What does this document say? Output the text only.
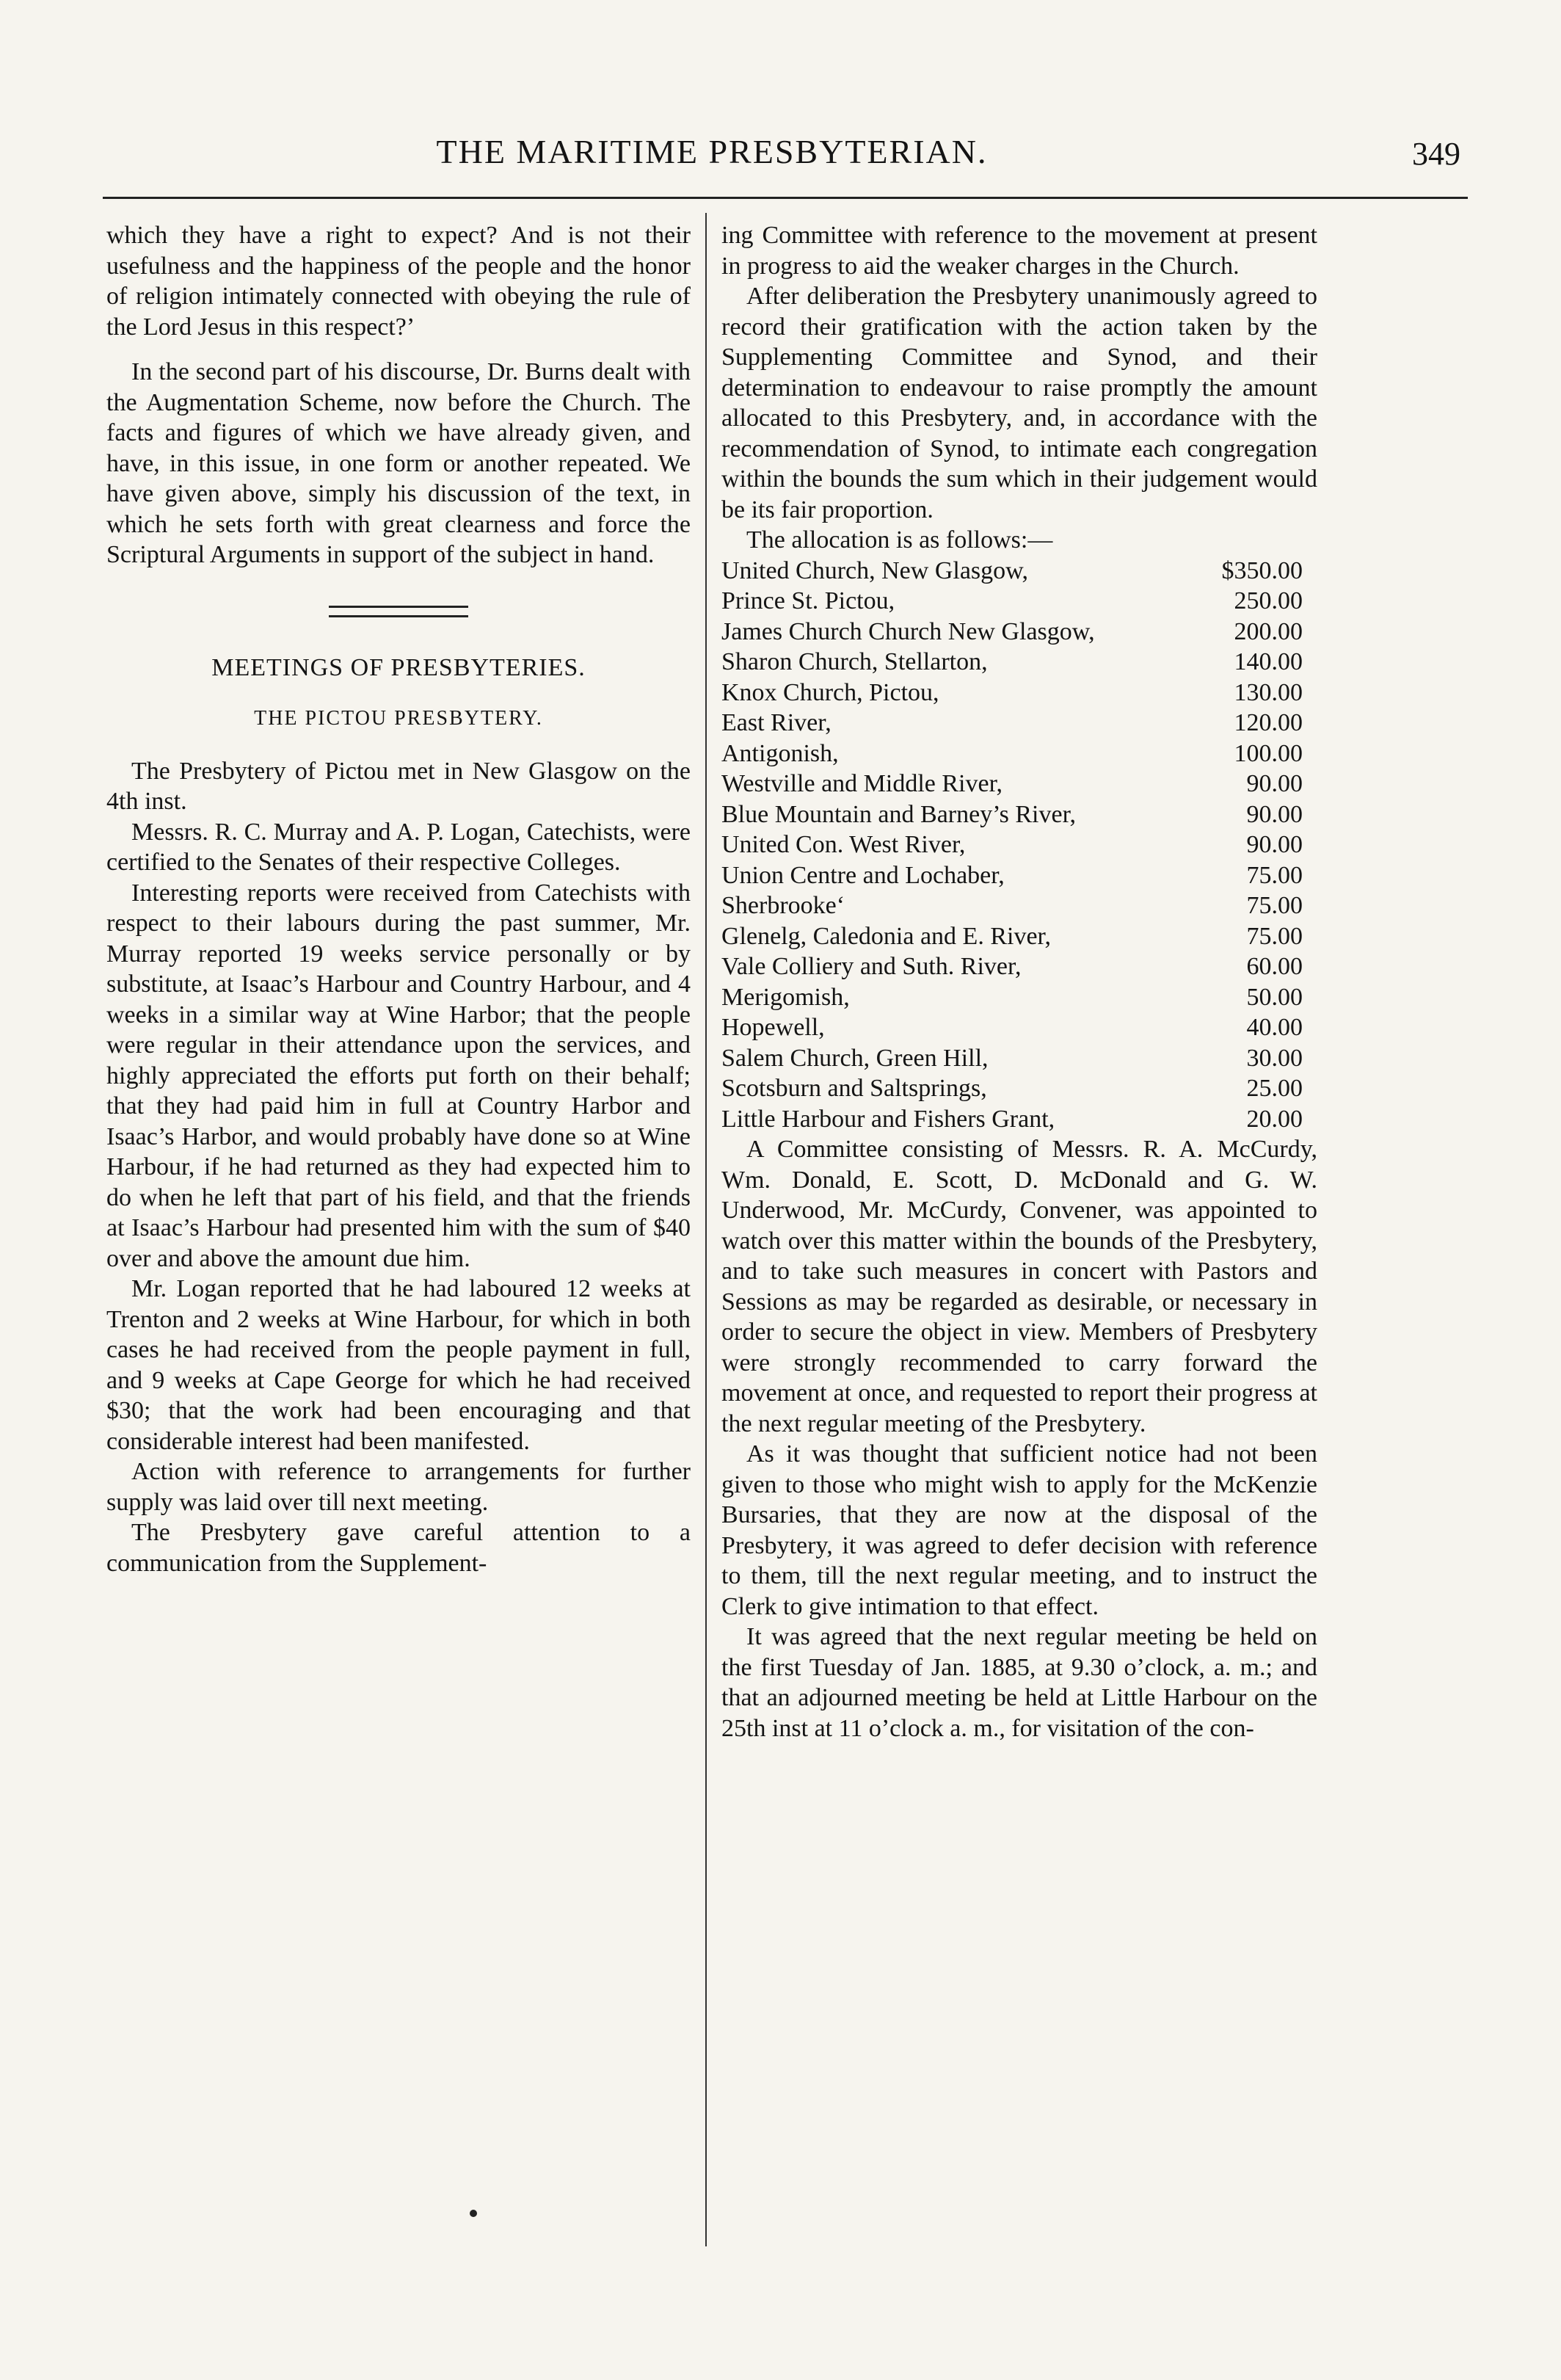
THE MARITIME PRESBYTERIAN.	349

which they have a right to expect? And is not their usefulness and the happiness of the people and the honor of religion intimately connected with obeying the rule of the Lord Jesus in this respect?’

In the second part of his discourse, Dr. Burns dealt with the Augmentation Scheme, now before the Church. The facts and figures of which we have already given, and have, in this issue, in one form or another repeated. We have given above, simply his discussion of the text, in which he sets forth with great clearness and force the Scriptural Arguments in support of the subject in hand.

MEETINGS OF PRESBYTERIES.
THE PICTOU PRESBYTERY.

The Presbytery of Pictou met in New Glasgow on the 4th inst.

Messrs. R. C. Murray and A. P. Logan, Catechists, were certified to the Senates of their respective Colleges.

Interesting reports were received from Catechists with respect to their labours during the past summer, Mr. Murray reported 19 weeks service personally or by substitute, at Isaac’s Harbour and Country Harbour, and 4 weeks in a similar way at Wine Harbor; that the people were regular in their attendance upon the services, and highly appreciated the efforts put forth on their behalf; that they had paid him in full at Country Harbor and Isaac’s Harbor, and would probably have done so at Wine Harbour, if he had returned as they had expected him to do when he left that part of his field, and that the friends at Isaac’s Harbour had presented him with the sum of $40 over and above the amount due him.

Mr. Logan reported that he had laboured 12 weeks at Trenton and 2 weeks at Wine Harbour, for which in both cases he had received from the people payment in full, and 9 weeks at Cape George for which he had received $30; that the work had been encouraging and that considerable interest had been manifested.

Action with reference to arrangements for further supply was laid over till next meeting.

The Presbytery gave careful attention to a communication from the Supplement-

ing Committee with reference to the movement at present in progress to aid the weaker charges in the Church.

After deliberation the Presbytery unanimously agreed to record their gratification with the action taken by the Supplementing Committee and Synod, and their determination to endeavour to raise promptly the amount allocated to this Presbytery, and, in accordance with the recommendation of Synod, to intimate each congregation within the bounds the sum which in their judgement would be its fair proportion.

The allocation is as follows:—

United Church, New Glasgow,	$350.00
Prince St. Pictou,	250.00
James Church Church New Glasgow,	200.00
Sharon Church, Stellarton,	140.00
Knox Church, Pictou,	130.00
East River,	120.00
Antigonish,	100.00
Westville and Middle River,	90.00
Blue Mountain and Barney’s River,	90.00
United Con. West River,	90.00
Union Centre and Lochaber,	75.00
Sherbrooke‘	75.00
Glenelg, Caledonia and E. River,	75.00
Vale Colliery and Suth. River,	60.00
Merigomish,	50.00
Hopewell,	40.00
Salem Church, Green Hill,	30.00
Scotsburn and Saltsprings,	25.00
Little Harbour and Fishers Grant,	20.00

A Committee consisting of Messrs. R. A. McCurdy, Wm. Donald, E. Scott, D. McDonald and G. W. Underwood, Mr. McCurdy, Convener, was appointed to watch over this matter within the bounds of the Presbytery, and to take such measures in concert with Pastors and Sessions as may be regarded as desirable, or necessary in order to secure the object in view. Members of Presbytery were strongly recommended to carry forward the movement at once, and requested to report their progress at the next regular meeting of the Presbytery.

As it was thought that sufficient notice had not been given to those who might wish to apply for the McKenzie Bursaries, that they are now at the disposal of the Presbytery, it was agreed to defer decision with reference to them, till the next regular meeting, and to instruct the Clerk to give intimation to that effect.

It was agreed that the next regular meeting be held on the first Tuesday of Jan. 1885, at 9.30 o’clock, a. m.; and that an adjourned meeting be held at Little Harbour on the 25th inst at 11 o’clock a. m., for visitation of the con-
